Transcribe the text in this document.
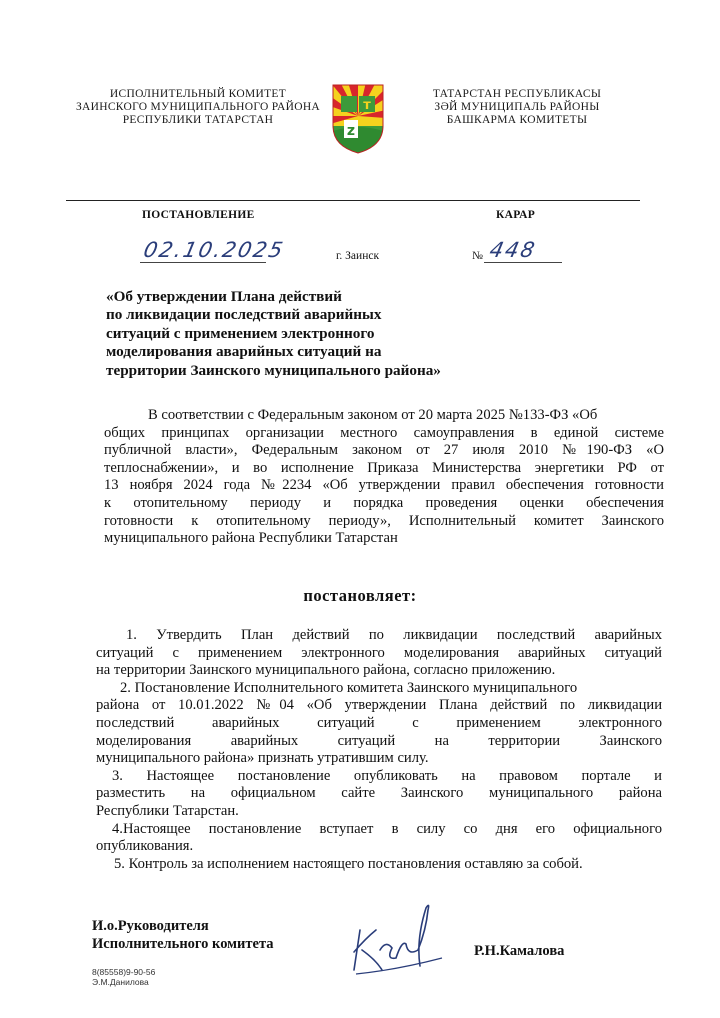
ИСПОЛНИТЕЛЬНЫЙ КОМИТЕТ
ЗАИНСКОГО МУНИЦИПАЛЬНОГО РАЙОНА
РЕСПУБЛИКИ ТАТАРСТАН
т
z
ТАТАРСТАН РЕСПУБЛИКАСЫ
ЗӘЙ МУНИЦИПАЛЬ РАЙОНЫ
БАШКАРМА КОМИТЕТЫ
ПОСТАНОВЛЕНИЕ	КАРАР
02.10.2025	г. Заинск	№ 448
«Об утверждении Плана действий
по ликвидации последствий аварийных
ситуаций с применением электронного
моделирования аварийных ситуаций на
территории Заинского муниципального района»
В соответствии с Федеральным законом от 20 марта 2025 №133-ФЗ «Об
общих принципах организации местного самоуправления в единой системе
публичной власти», Федеральным законом от 27 июля 2010 №190-ФЗ «О
теплоснабжении», и во исполнение Приказа Министерства энергетики РФ от
13 ноября 2024 года №2234 «Об утверждении правил обеспечения готовности
к отопительному периоду и порядка проведения оценки обеспечения
готовности к отопительному периоду», Исполнительный комитет Заинского
муниципального района Республики Татарстан
постановляет:
1. Утвердить План действий по ликвидации последствий аварийных
ситуаций с применением электронного моделирования аварийных ситуаций
на территории Заинского муниципального района, согласно приложению.
2. Постановление Исполнительного комитета Заинского муниципального
района от 10.01.2022 №04 «Об утверждении Плана действий по ликвидации
последствий аварийных ситуаций с применением электронного
моделирования аварийных ситуаций на территории Заинского
муниципального района» признать утратившим силу.
3. Настоящее постановление опубликовать на правовом портале и
разместить на официальном сайте Заинского муниципального района
Республики Татарстан.
4.Настоящее постановление вступает в силу со дня его официального
опубликования.
5. Контроль за исполнением настоящего постановления оставляю за собой.
И.о.Руководителя
Исполнительного комитета	Р.Н.Камалова
8(85558)9-90-56
Э.М.Данилова
